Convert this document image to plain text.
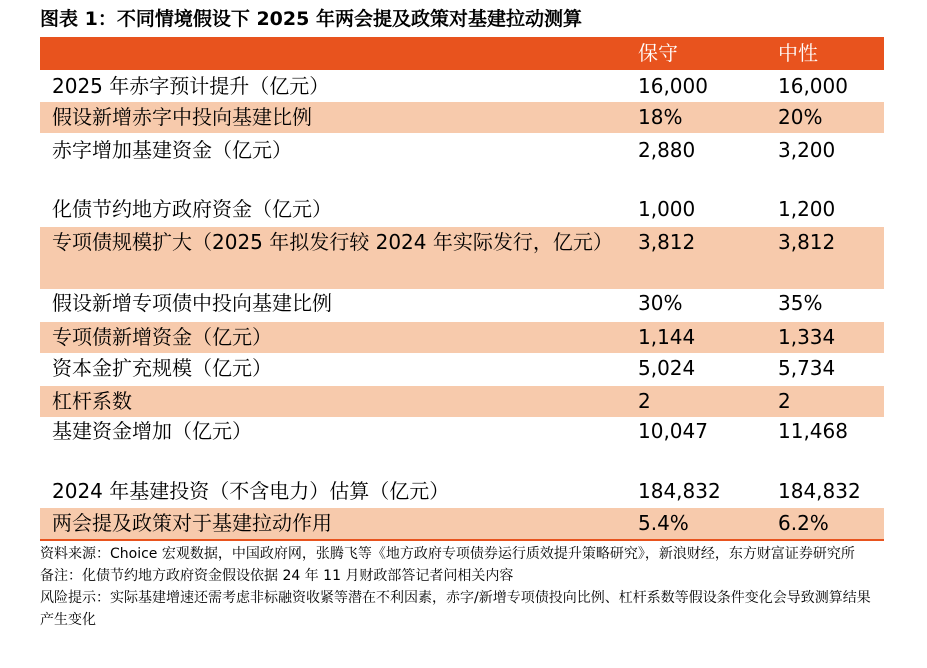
图表 1：不同情境假设下 2025 年两会提及政策对基建拉动测算
保守	中性
2025 年赤字预计提升（亿元）	16,000	16,000
假设新增赤字中投向基建比例	18%	20%
赤字增加基建资金（亿元）	2,880	3,200
化债节约地方政府资金（亿元）	1,000	1,200
专项债规模扩大（2025 年拟发行较 2024 年实际发行，亿元）	3,812	3,812
假设新增专项债中投向基建比例	30%	35%
专项债新增资金（亿元）	1,144	1,334
资本金扩充规模（亿元）	5,024	5,734
杠杆系数	2	2
基建资金增加（亿元）	10,047	11,468
2024 年基建投资（不含电力）估算（亿元）	184,832	184,832
两会提及政策对于基建拉动作用	5.4%	6.2%

资料来源：Choice 宏观数据，中国政府网，张腾飞等《地方政府专项债券运行质效提升策略研究》，新浪财经，东方财富证券研究所

备注：化债节约地方政府资金假设依据 24 年 11 月财政部答记者问相关内容

风险提示：实际基建增速还需考虑非标融资收紧等潜在不利因素，赤字/新增专项债投向比例、杠杆系数等假设条件变化会导致测算结果产生变化
